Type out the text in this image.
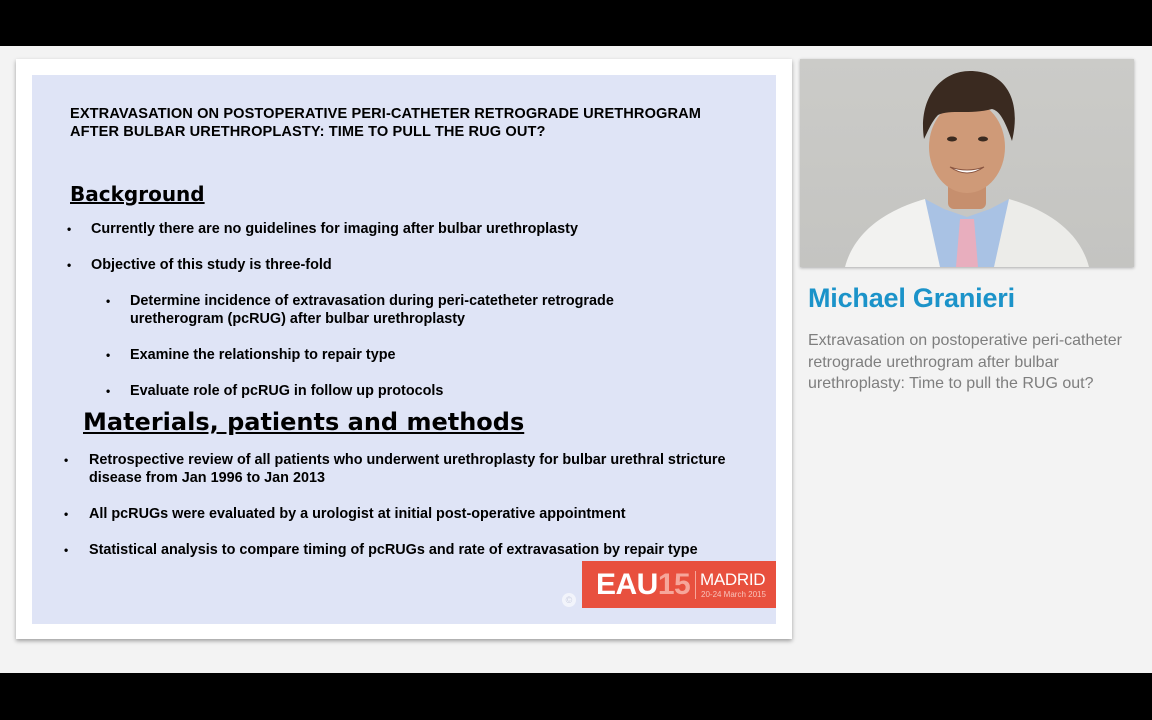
EXTRAVASATION ON POSTOPERATIVE PERI-CATHETER RETROGRADE URETHROGRAM AFTER BULBAR URETHROPLASTY: TIME TO PULL THE RUG OUT?
Background
• Currently there are no guidelines for imaging after bulbar urethroplasty
• Objective of this study is three-fold
• Determine incidence of extravasation during peri-catetheter retrograde uretherogram (pcRUG) after bulbar urethroplasty
• Examine the relationship to repair type
• Evaluate role of pcRUG in follow up protocols
Materials, patients and methods
• Retrospective review of all patients who underwent urethroplasty for bulbar urethral stricture disease from Jan 1996 to Jan 2013
• All pcRUGs were evaluated by a urologist at initial post-operative appointment
• Statistical analysis to compare timing of pcRUGs and rate of extravasation by repair type
© EAU15 MADRID
20-24 March 2015
Michael Granieri
Extravasation on postoperative peri-catheter retrograde urethrogram after bulbar urethroplasty: Time to pull the RUG out?
